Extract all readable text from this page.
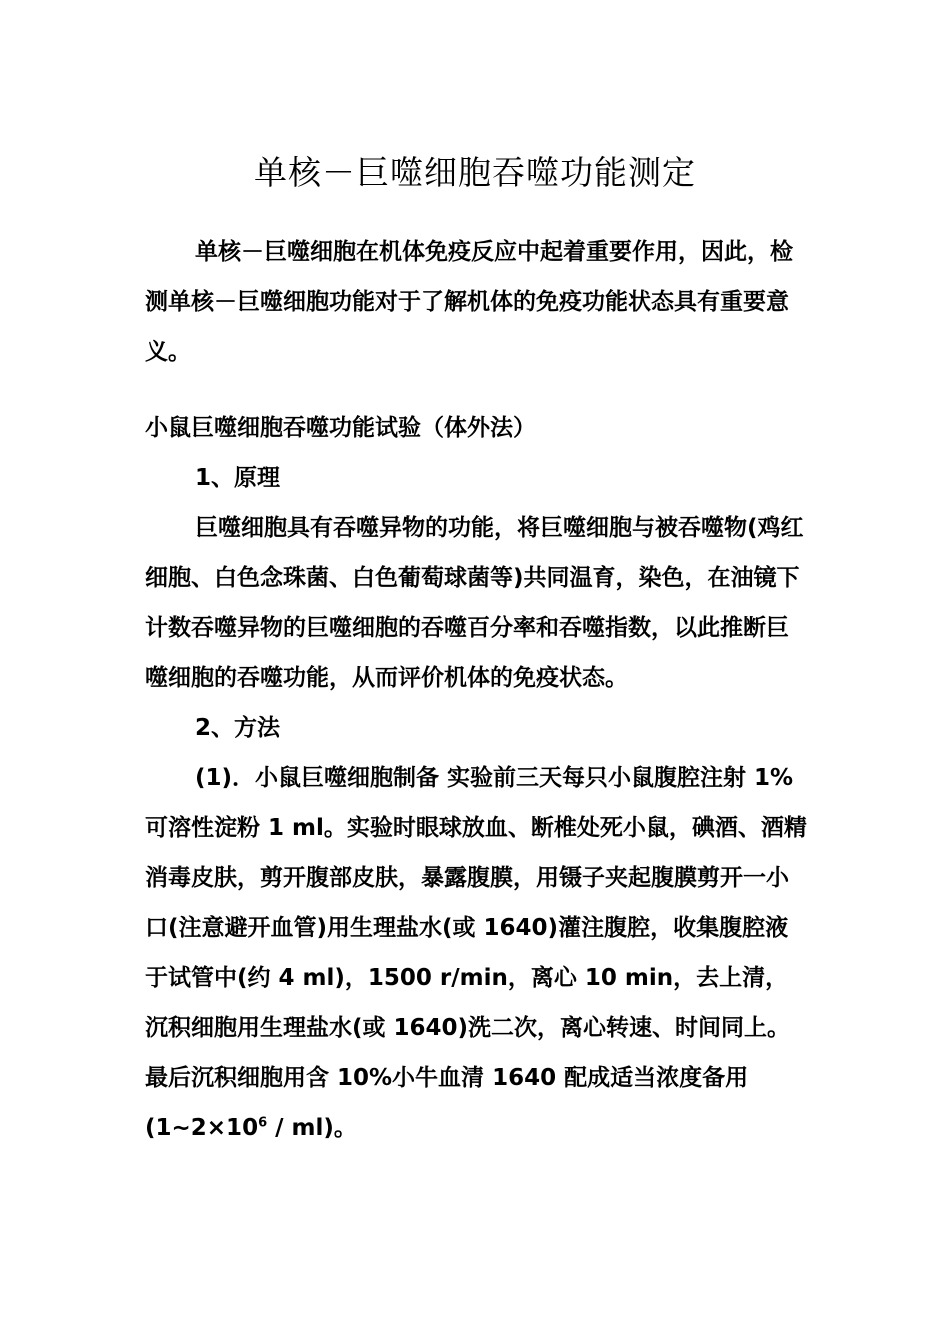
单核－巨噬细胞吞噬功能测定

单核－巨噬细胞在机体免疫反应中起着重要作用，因此，检测单核－巨噬细胞功能对于了解机体的免疫功能状态具有重要意义。

小鼠巨噬细胞吞噬功能试验（体外法）

1、原理

巨噬细胞具有吞噬异物的功能，将巨噬细胞与被吞噬物(鸡红细胞、白色念珠菌、白色葡萄球菌等)共同温育，染色，在油镜下计数吞噬异物的巨噬细胞的吞噬百分率和吞噬指数，以此推断巨噬细胞的吞噬功能，从而评价机体的免疫状态。

2、方法

(1)．小鼠巨噬细胞制备 实验前三天每只小鼠腹腔注射 1%可溶性淀粉 1 ml。实验时眼球放血、断椎处死小鼠，碘酒、酒精消毒皮肤，剪开腹部皮肤，暴露腹膜，用镊子夹起腹膜剪开一小口(注意避开血管)用生理盐水(或 1640)灌注腹腔，收集腹腔液于试管中(约 4 ml)，1500 r/min，离心 10 min，去上清，沉积细胞用生理盐水(或 1640)洗二次，离心转速、时间同上。最后沉积细胞用含 10%小牛血清 1640 配成适当浓度备用$(1\sim 2\times 10^6 / ml)$。
